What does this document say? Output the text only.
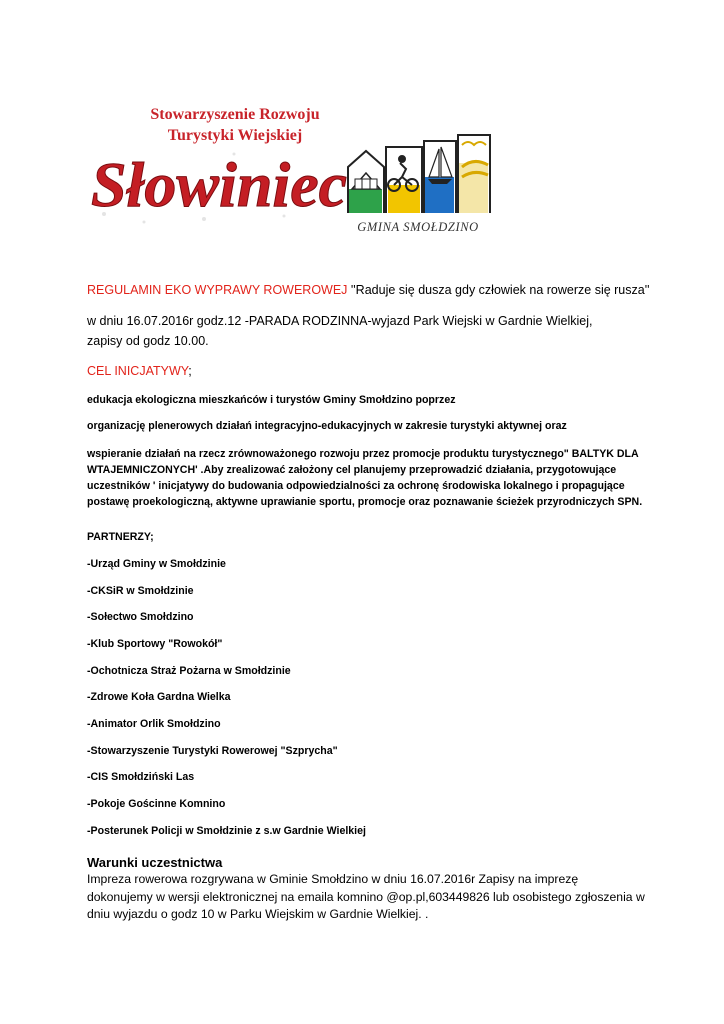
Stowarzyszenie Rozwoju
Turystyki Wiejskiej
Słowiniec
GMINA SMOŁDZINO
REGULAMIN EKO WYPRAWY ROWEROWEJ ''Raduje się dusza gdy człowiek na rowerze się rusza''
w dniu 16.07.2016r godz.12 -PARADA RODZINNA-wyjazd Park Wiejski w Gardnie Wielkiej,
zapisy od godz 10.00.
CEL INICJATYWY;
edukacja ekologiczna mieszkańców i turystów Gminy Smołdzino poprzez
organizację plenerowych działań integracyjno-edukacyjnych w zakresie turystyki aktywnej oraz
wspieranie działań na rzecz zrównoważonego rozwoju przez promocje produktu turystycznego" BALTYK DLA WTAJEMNICZONYCH' .Aby zrealizować założony cel planujemy przeprowadzić działania, przygotowujące uczestników ' inicjatywy do budowania odpowiedzialności za ochronę środowiska lokalnego i propagujące postawę proekologiczną, aktywne uprawianie sportu, promocje oraz poznawanie ścieżek przyrodniczych SPN.
PARTNERZY;
-Urząd Gminy w Smołdzinie
-CKSiR w Smołdzinie
-Sołectwo Smołdzino
-Klub Sportowy "Rowokół"
-Ochotnicza Straż Pożarna w Smołdzinie
-Zdrowe Koła Gardna Wielka
-Animator Orlik Smołdzino
-Stowarzyszenie Turystyki Rowerowej "Szprycha"
-CIS Smołdziński Las
-Pokoje Gościnne Komnino
-Posterunek Policji w Smołdzinie z s.w Gardnie Wielkiej
Warunki uczestnictwa
Impreza rowerowa rozgrywana w Gminie Smołdzino w dniu 16.07.2016r Zapisy na imprezę dokonujemy w wersji elektronicznej na emaila komnino @op.pl,603449826 lub osobistego zgłoszenia w dniu wyjazdu o godz 10 w Parku Wiejskim w Gardnie Wielkiej. .
